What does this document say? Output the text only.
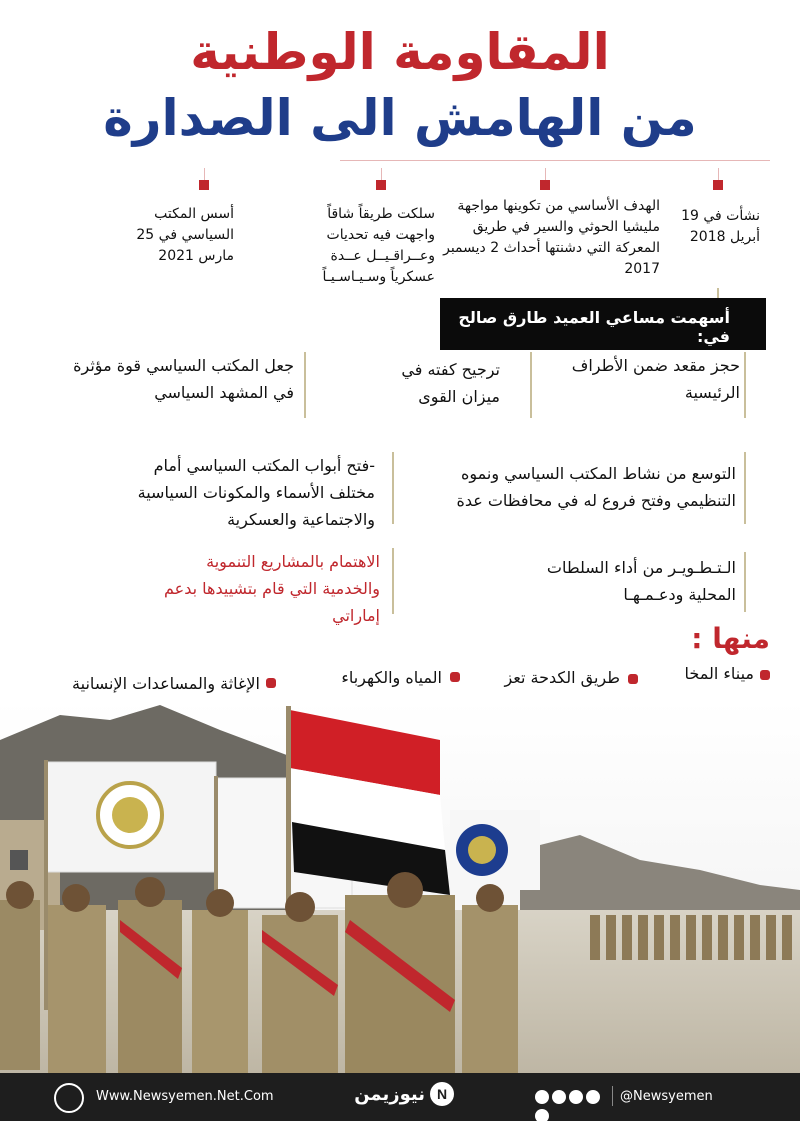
المقاومة الوطنية
من الهامش الى الصدارة
نشأت في 19 أبريل 2018
الهدف الأساسي من تكوينها مواجهة مليشيا الحوثي والسير في طريق المعركة التي دشنتها أحداث 2 ديسمبر 2017
سلكت طريقاً شاقاً واجهت فيه تحديات وعــراقـيــل عــدة عسكرياً وسـيـاسـيـاً
أسس المكتب السياسي في 25 مارس 2021
أسهمت مساعي العميد طارق صالح في:
حجز مقعد ضمن الأطراف الرئيسية
ترجيح كفته في ميزان القوى
جعل المكتب السياسي قوة مؤثرة في المشهد السياسي
التوسع من نشاط المكتب السياسي ونموه التنظيمي وفتح فروع له في محافظات عدة
-فتح أبواب المكتب السياسي أمام مختلف الأسماء والمكونات السياسية والاجتماعية والعسكرية
الـتـطـويـر من أداء السلطات المحلية ودعـمـهـا
الاهتمام بالمشاريع التنموية والخدمية التي قام بتشييدها بدعم إماراتي
منها :
ميناء المخا
طريق الكدحة تعز
المياه والكهرباء
الإغاثة والمساعدات الإنسانية
Www.Newsyemen.Net.Com	N
نيوزيمن	@Newsyemen
